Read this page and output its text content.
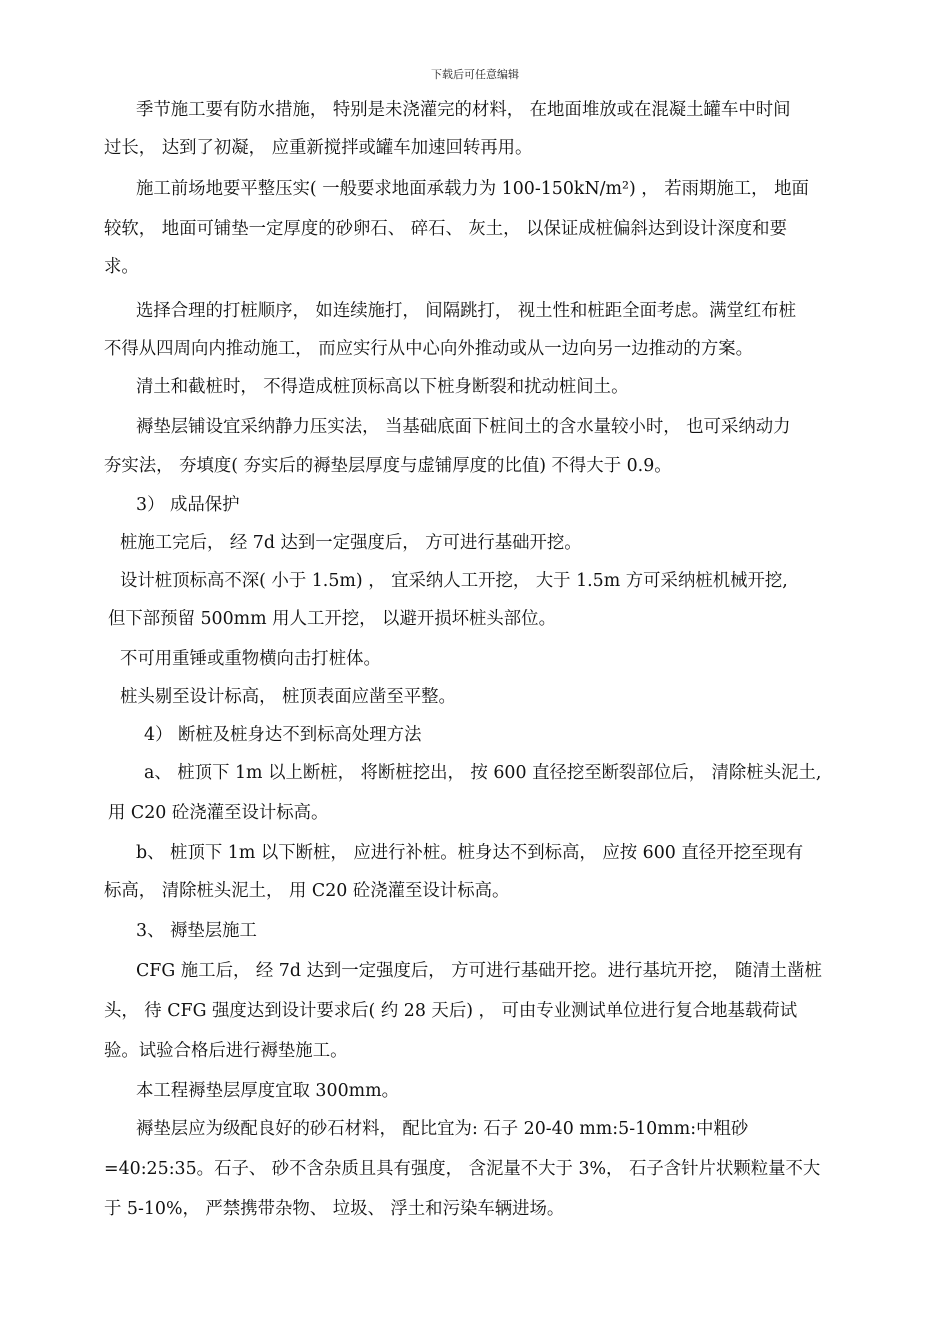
下载后可任意编辑
季节施工要有防水措施， 特别是未浇灌完的材料， 在地面堆放或在混凝土罐车中时间
过长， 达到了初凝， 应重新搅拌或罐车加速回转再用。
施工前场地要平整压实( 一般要求地面承载力为 100-150kN/m²) ， 若雨期施工， 地面
较软， 地面可铺垫一定厚度的砂卵石、 碎石、 灰土， 以保证成桩偏斜达到设计深度和要
求。
选择合理的打桩顺序， 如连续施打， 间隔跳打， 视土性和桩距全面考虑。满堂红布桩
不得从四周向内推动施工， 而应实行从中心向外推动或从一边向另一边推动的方案。
清土和截桩时， 不得造成桩顶标高以下桩身断裂和扰动桩间土。
褥垫层铺设宜采纳静力压实法， 当基础底面下桩间土的含水量较小时， 也可采纳动力
夯实法， 夯填度( 夯实后的褥垫层厚度与虚铺厚度的比值) 不得大于 0.9。
3） 成品保护
桩施工完后， 经 7d 达到一定强度后， 方可进行基础开挖。
设计桩顶标高不深( 小于 1.5m) ， 宜采纳人工开挖， 大于 1.5m 方可采纳桩机械开挖,
但下部预留 500mm 用人工开挖， 以避开损坏桩头部位。
不可用重锤或重物横向击打桩体。
桩头剔至设计标高， 桩顶表面应凿至平整。
4） 断桩及桩身达不到标高处理方法
a、 桩顶下 1m 以上断桩， 将断桩挖出， 按 600 直径挖至断裂部位后， 清除桩头泥土,
用 C20 砼浇灌至设计标高。
b、 桩顶下 1m 以下断桩， 应进行补桩。桩身达不到标高， 应按 600 直径开挖至现有
标高， 清除桩头泥土， 用 C20 砼浇灌至设计标高。
3、 褥垫层施工
CFG 施工后， 经 7d 达到一定强度后， 方可进行基础开挖。进行基坑开挖， 随清土凿桩
头， 待 CFG 强度达到设计要求后( 约 28 天后) ， 可由专业测试单位进行复合地基载荷试
验。试验合格后进行褥垫施工。
本工程褥垫层厚度宜取 300mm。
褥垫层应为级配良好的砂石材料， 配比宜为: 石子 20-40 mm:5-10mm:中粗砂
=40:25:35。石子、 砂不含杂质且具有强度， 含泥量不大于 3%， 石子含针片状颗粒量不大
于 5-10%， 严禁携带杂物、 垃圾、 浮土和污染车辆进场。
